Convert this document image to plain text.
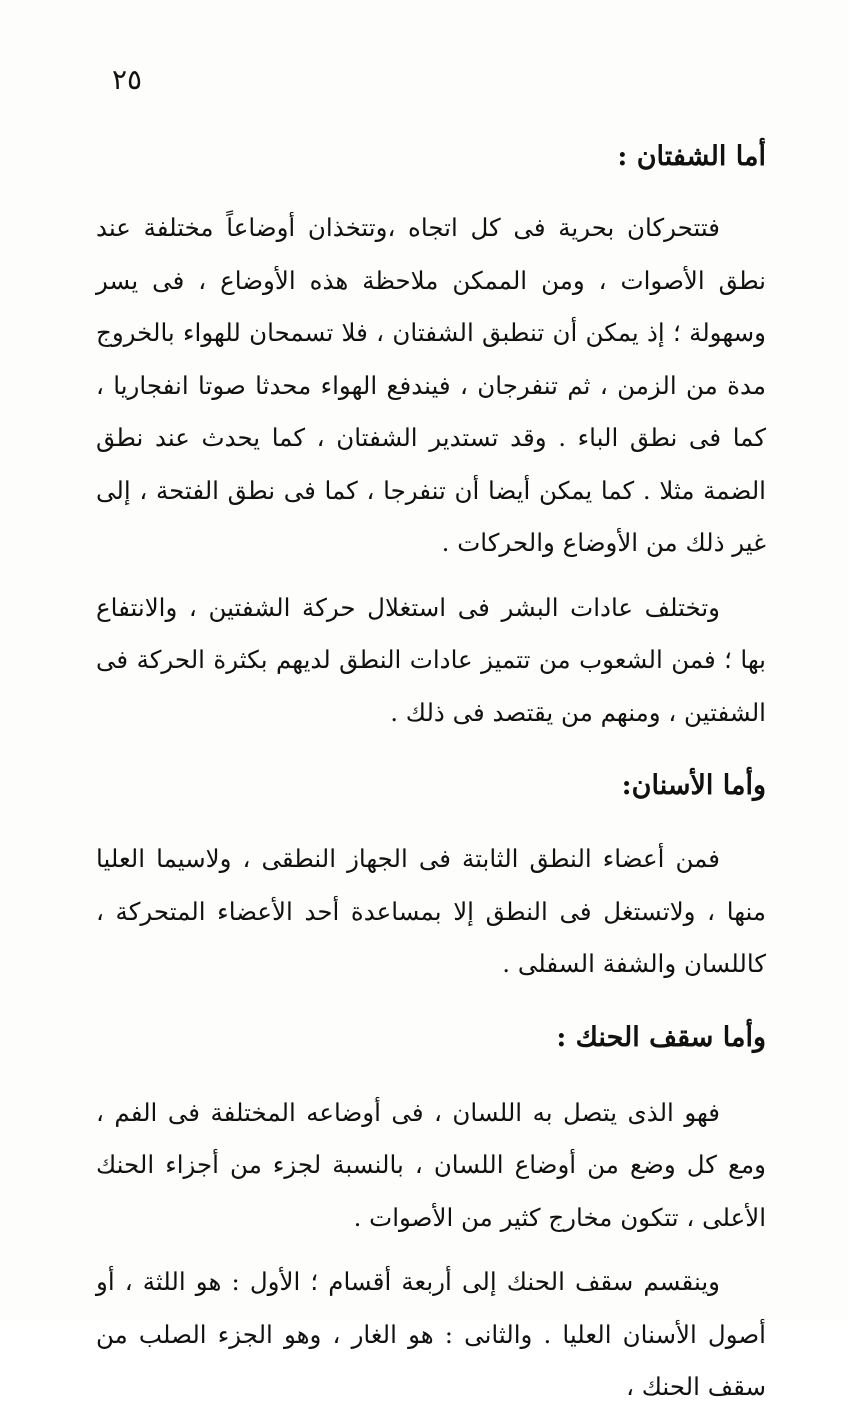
٢٥
أما الشفتان :

فتتحركان بحرية فى كل اتجاه ،وتتخذان أوضاعاً مختلفة عند نطق الأصوات ، ومن الممكن ملاحظة هذه الأوضاع ، فى يسر وسهولة ؛ إذ يمكن أن تنطبق الشفتان ، فلا تسمحان للهواء بالخروج مدة من الزمن ، ثم تنفرجان ، فيندفع الهواء محدثا صوتا انفجاريا ، كما فى نطق الباء . وقد تستدير الشفتان ، كما يحدث عند نطق الضمة مثلا . كما يمكن أيضا أن تنفرجا ، كما فى نطق الفتحة ، إلى غير ذلك من الأوضاع والحركات .

وتختلف عادات البشر فى استغلال حركة الشفتين ، والانتفاع بها ؛ فمن الشعوب من تتميز عادات النطق لديهم بكثرة الحركة فى الشفتين ، ومنهم من يقتصد فى ذلك .

وأما الأسنان:

فمن أعضاء النطق الثابتة فى الجهاز النطقى ، ولاسيما العليا منها ، ولاتستغل فى النطق إلا بمساعدة أحد الأعضاء المتحركة ، كاللسان والشفة السفلى .

وأما سقف الحنك :

فهو الذى يتصل به اللسان ، فى أوضاعه المختلفة فى الفم ، ومع كل وضع من أوضاع اللسان ، بالنسبة لجزء من أجزاء الحنك الأعلى ، تتكون مخارج كثير من الأصوات .

وينقسم سقف الحنك إلى أربعة أقسام ؛ الأول : هو اللثة ، أو أصول الأسنان العليا . والثانى : هو الغار ، وهو الجزء الصلب من سقف الحنك ،
